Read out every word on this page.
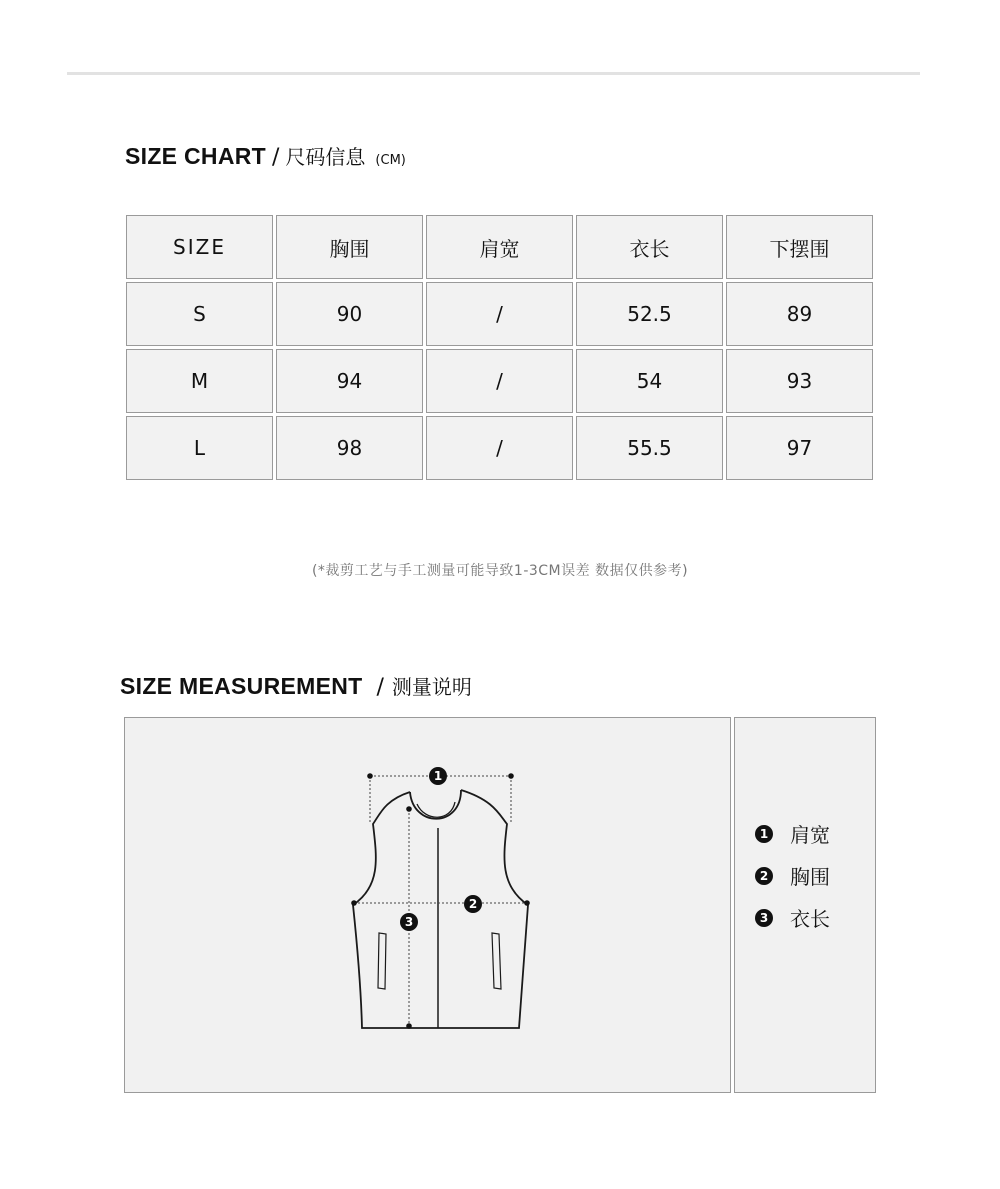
SIZE CHART / 尺码信息 (CM)
SIZE	胸围	肩宽	衣长	下摆围
S	90	/	52.5	89
M	94	/	54	93
L	98	/	55.5	97
(*裁剪工艺与手工测量可能导致1-3CM误差 数据仅供参考)
SIZE MEASUREMENT / 测量说明
1
2
3
1 肩宽
2 胸围
3 衣长
